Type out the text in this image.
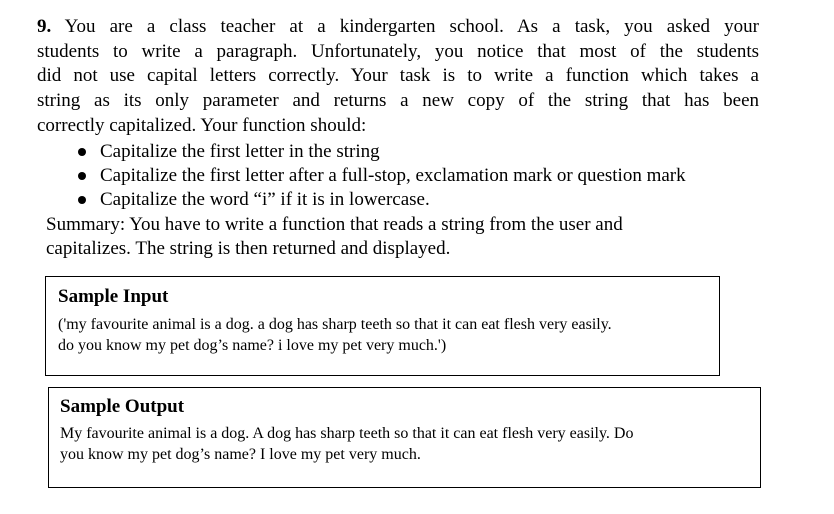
9. You are a class teacher at a kindergarten school. As a task, you asked your
students to write a paragraph. Unfortunately, you notice that most of the students
did not use capital letters correctly. Your task is to write a function which takes a
string as its only parameter and returns a new copy of the string that has been
correctly capitalized. Your function should:
Capitalize the first letter in the string
Capitalize the first letter after a full-stop, exclamation mark or question mark
Capitalize the word “i” if it is in lowercase.
Summary: You have to write a function that reads a string from the user and
capitalizes. The string is then returned and displayed.
Sample Input
('my favourite animal is a dog. a dog has sharp teeth so that it can eat flesh very easily.
do you know my pet dog’s name? i love my pet very much.')
Sample Output
My favourite animal is a dog. A dog has sharp teeth so that it can eat flesh very easily. Do
you know my pet dog’s name? I love my pet very much.
